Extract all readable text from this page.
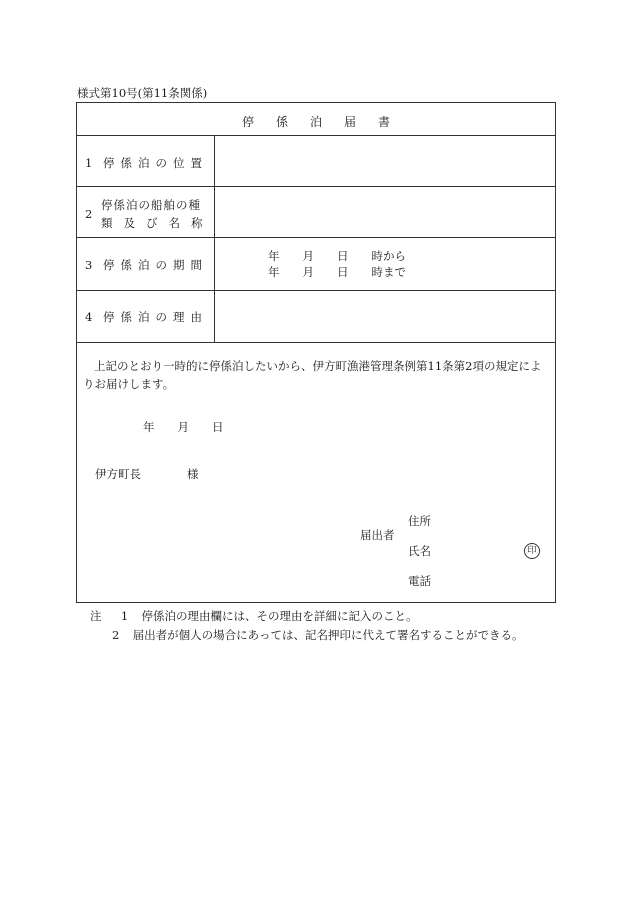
様式第10号(第11条関係)
停係泊届書
1 停係泊の位置
2
停係泊の船舶の種
類及び名称
3 停係泊の期間
年　　月　　日　　時から
年　　月　　日　　時まで
4 停係泊の理由
上記のとおり一時的に停係泊したいから、伊方町漁港管理条例第11条第2項の規定によりお届けします。
年　　月　　日
伊方町長　　　　様
届出者
住所
氏名
電話
印
注 1 停係泊の理由欄には、その理由を詳細に記入のこと。
2 届出者が個人の場合にあっては、記名押印に代えて署名することができる。
